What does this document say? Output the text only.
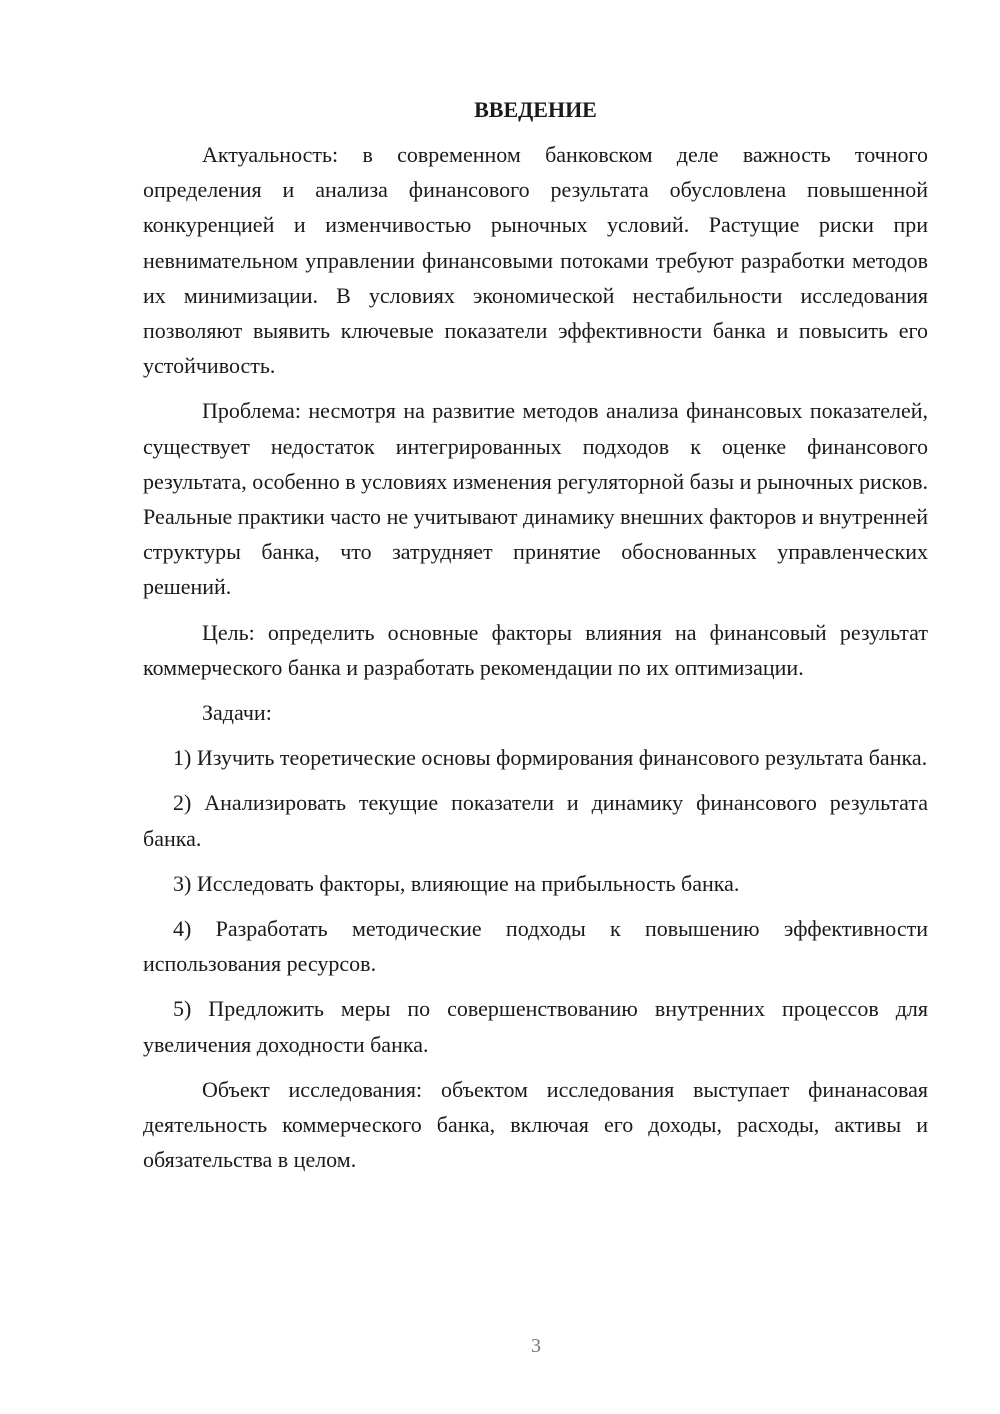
ВВЕДЕНИЕ

Актуальность: в современном банковском деле важность точного определения и анализа финансового результата обусловлена повышенной конкуренцией и изменчивостью рыночных условий. Растущие риски при невнимательном управлении финансовыми потоками требуют разработки методов их минимизации. В условиях экономической нестабильности исследования позволяют выявить ключевые показатели эффективности банка и повысить его устойчивость.

Проблема: несмотря на развитие методов анализа финансовых показателей, существует недостаток интегрированных подходов к оценке финансового результата, особенно в условиях изменения регуляторной базы и рыночных рисков. Реальные практики часто не учитывают динамику внешних факторов и внутренней структуры банка, что затрудняет принятие обоснованных управленческих решений.

Цель: определить основные факторы влияния на финансовый результат коммерческого банка и разработать рекомендации по их оптимизации.

Задачи:

1) Изучить теоретические основы формирования финансового результата банка.

2) Анализировать текущие показатели и динамику финансового результата банка.

3) Исследовать факторы, влияющие на прибыльность банка.

4) Разработать методические подходы к повышению эффективности использования ресурсов.

5) Предложить меры по совершенствованию внутренних процессов для увеличения доходности банка.

Объект исследования: объектом исследования выступает финанасовая деятельность коммерческого банка, включая его доходы, расходы, активы и обязательства в целом.

3
